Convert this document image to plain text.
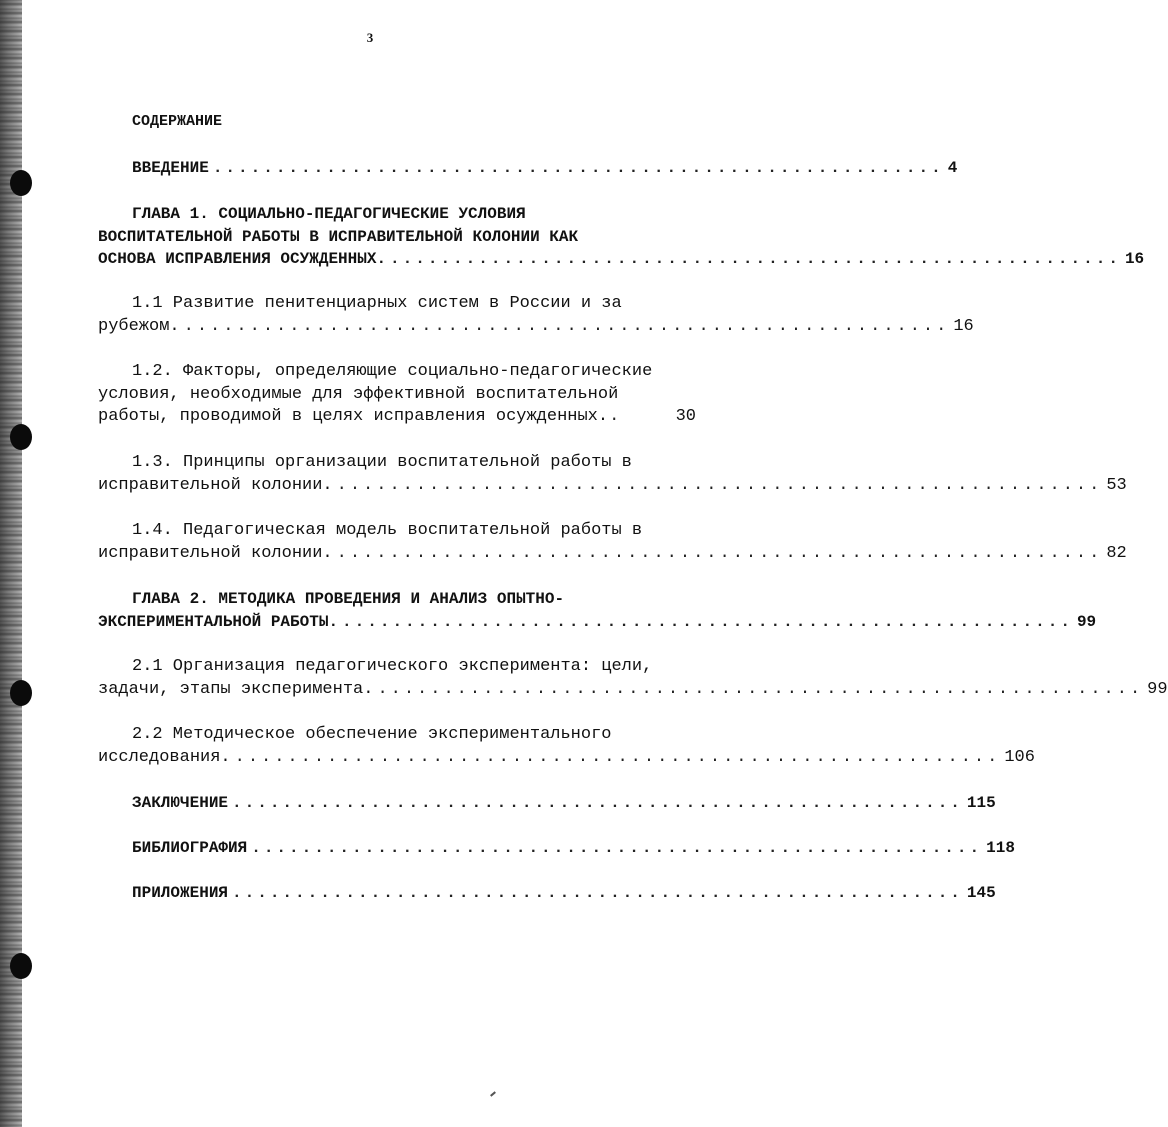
3
СОДЕРЖАНИЕ
ВВЕДЕНИЕ .......................................................... 4
ГЛАВА 1. СОЦИАЛЬНО-ПЕДАГОГИЧЕСКИЕ УСЛОВИЯ
ВОСПИТАТЕЛЬНОЙ РАБОТЫ В ИСПРАВИТЕЛЬНОЙ КОЛОНИИ КАК
ОСНОВА ИСПРАВЛЕНИЯ ОСУЖДЕННЫХ. .......................................................... 16
1.1 Развитие пенитенциарных систем в России и за
рубежом. .......................................................... 16
1.2. Факторы, определяющие социально-педагогические
условия, необходимые для эффективной воспитательной
работы, проводимой в целях исправления осужденных. .	30
1.3. Принципы организации воспитательной работы в
исправительной колонии. .......................................................... 53
1.4. Педагогическая модель воспитательной работы в
исправительной колонии. .......................................................... 82
ГЛАВА 2. МЕТОДИКА ПРОВЕДЕНИЯ И АНАЛИЗ ОПЫТНО-
ЭКСПЕРИМЕНТАЛЬНОЙ РАБОТЫ. .......................................................... 99
2.1 Организация педагогического эксперимента: цели,
задачи, этапы эксперимента. .......................................................... 99
2.2 Методическое обеспечение экспериментального
исследования. .......................................................... 106
ЗАКЛЮЧЕНИЕ .......................................................... 115
БИБЛИОГРАФИЯ .......................................................... 118
ПРИЛОЖЕНИЯ .......................................................... 145
